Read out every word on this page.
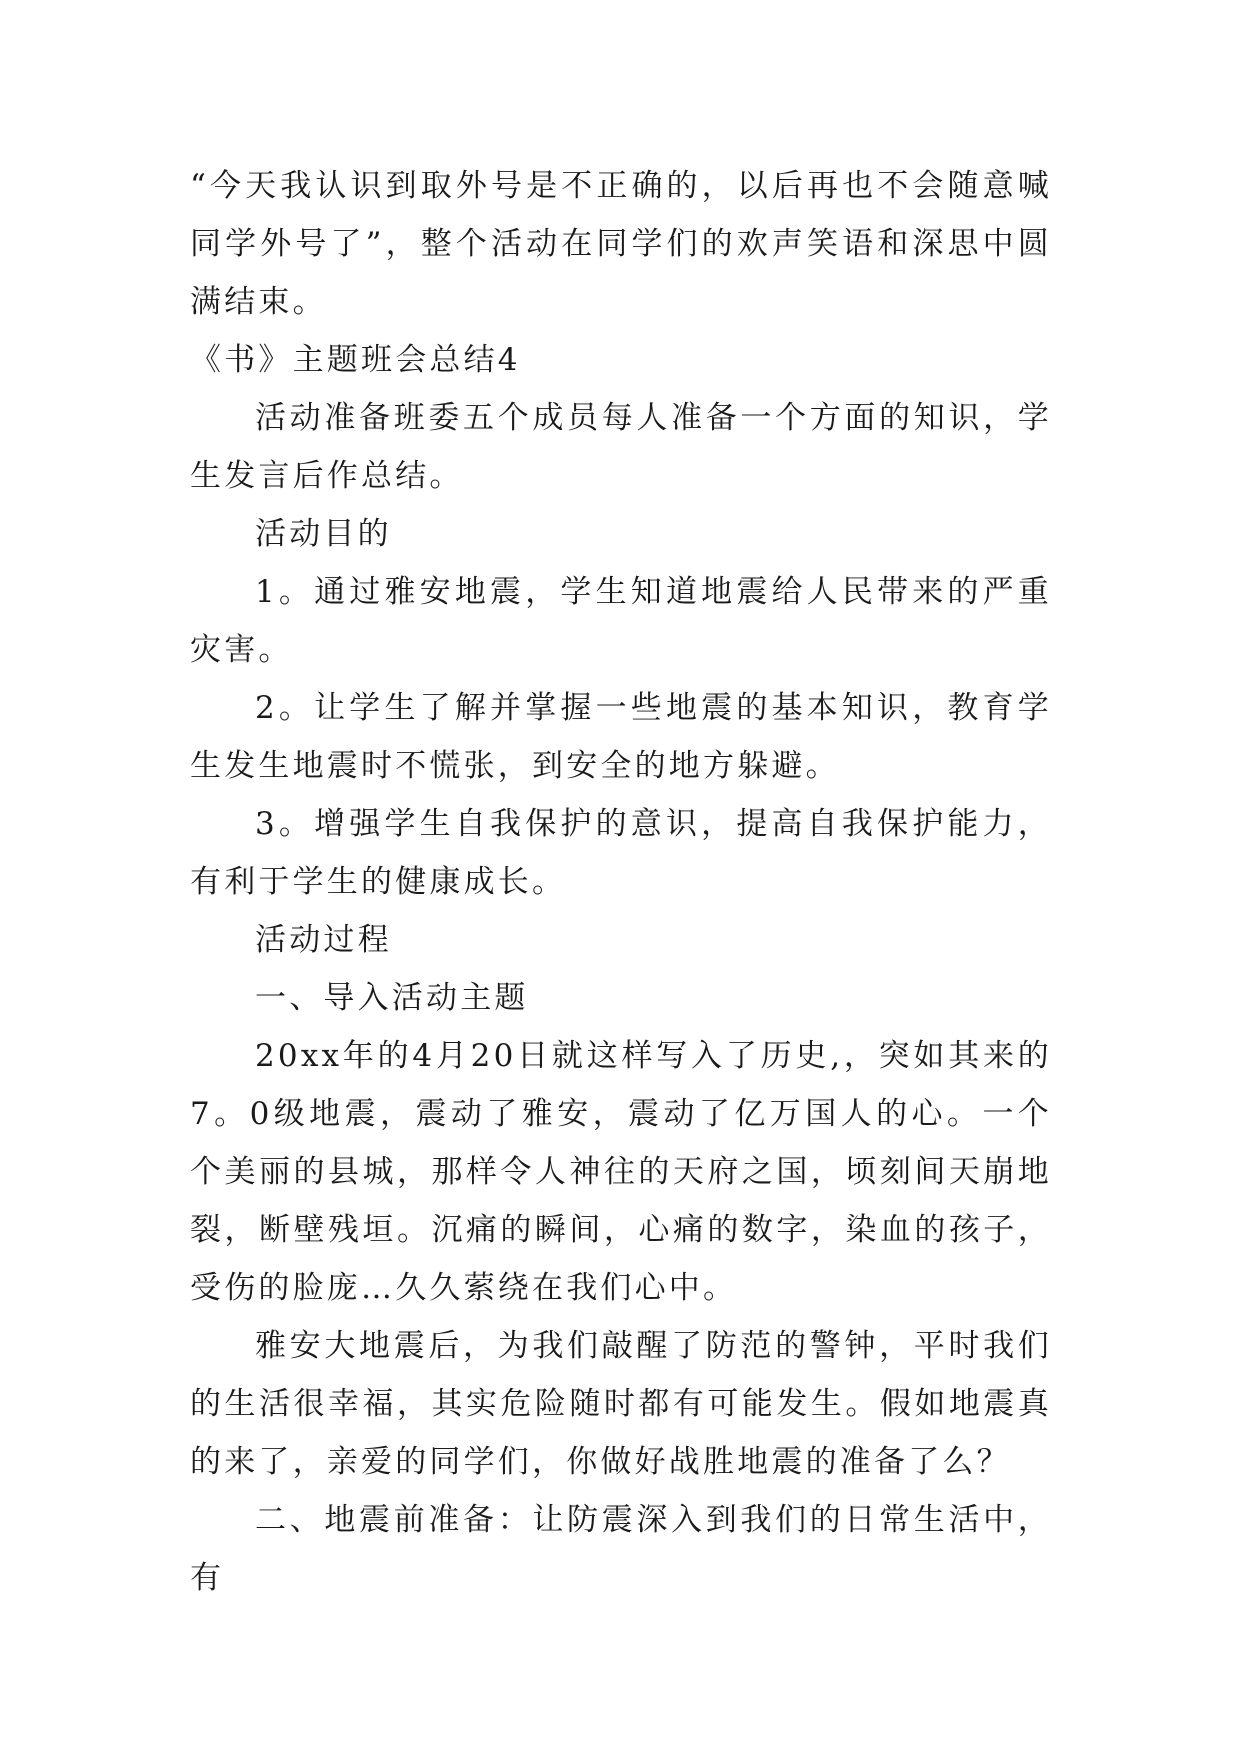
“今天我认识到取外号是不正确的，以后再也不会随意喊同学外号了”，整个活动在同学们的欢声笑语和深思中圆满结束。

《书》主题班会总结4

活动准备班委五个成员每人准备一个方面的知识，学生发言后作总结。

活动目的

1。通过雅安地震，学生知道地震给人民带来的严重灾害。

2。让学生了解并掌握一些地震的基本知识，教育学生发生地震时不慌张，到安全的地方躲避。

3。增强学生自我保护的意识，提高自我保护能力，有利于学生的健康成长。

活动过程

一、导入活动主题

20xx年的4月20日就这样写入了历史,，突如其来的7。0级地震，震动了雅安，震动了亿万国人的心。一个个美丽的县城，那样令人神往的天府之国，顷刻间天崩地裂，断壁残垣。沉痛的瞬间，心痛的数字，染血的孩子，受伤的脸庞…久久萦绕在我们心中。

雅安大地震后，为我们敲醒了防范的警钟，平时我们的生活很幸福，其实危险随时都有可能发生。假如地震真的来了，亲爱的同学们，你做好战胜地震的准备了么？

二、地震前准备：让防震深入到我们的日常生活中，有
